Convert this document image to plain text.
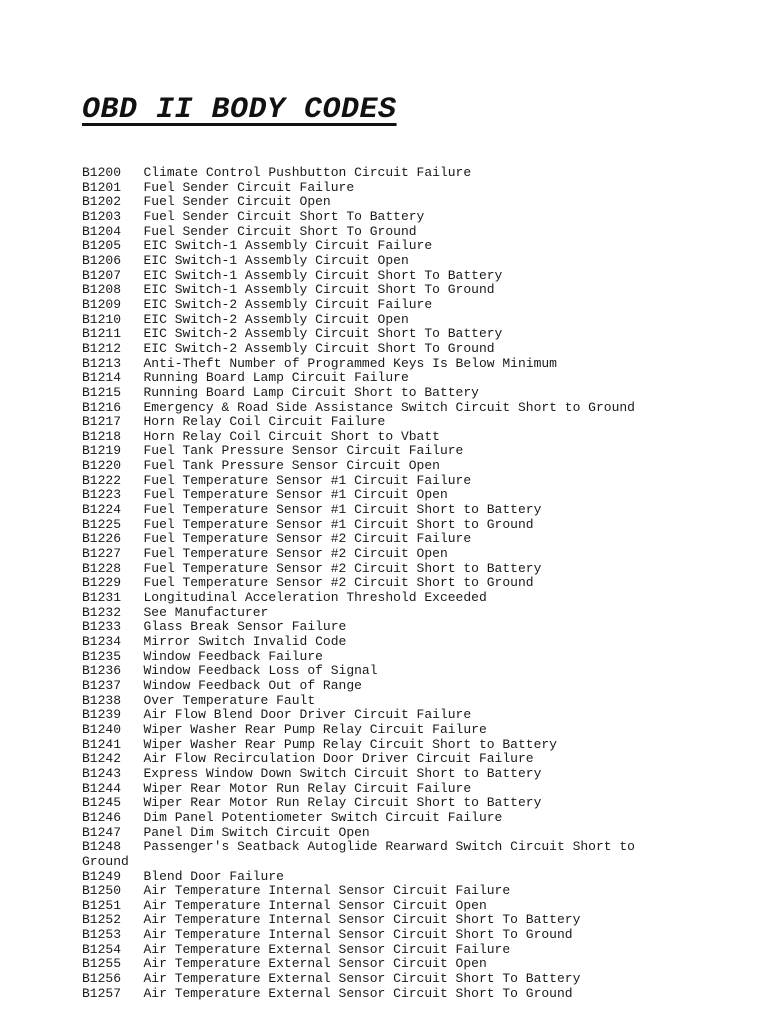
OBD II BODY CODES
B1200 Climate Control Pushbutton Circuit Failure
B1201 Fuel Sender Circuit Failure
B1202 Fuel Sender Circuit Open
B1203 Fuel Sender Circuit Short To Battery
B1204 Fuel Sender Circuit Short To Ground
B1205 EIC Switch-1 Assembly Circuit Failure
B1206 EIC Switch-1 Assembly Circuit Open
B1207 EIC Switch-1 Assembly Circuit Short To Battery
B1208 EIC Switch-1 Assembly Circuit Short To Ground
B1209 EIC Switch-2 Assembly Circuit Failure
B1210 EIC Switch-2 Assembly Circuit Open
B1211 EIC Switch-2 Assembly Circuit Short To Battery
B1212 EIC Switch-2 Assembly Circuit Short To Ground
B1213 Anti-Theft Number of Programmed Keys Is Below Minimum
B1214 Running Board Lamp Circuit Failure
B1215 Running Board Lamp Circuit Short to Battery
B1216 Emergency & Road Side Assistance Switch Circuit Short to Ground
B1217 Horn Relay Coil Circuit Failure
B1218 Horn Relay Coil Circuit Short to Vbatt
B1219 Fuel Tank Pressure Sensor Circuit Failure
B1220 Fuel Tank Pressure Sensor Circuit Open
B1222 Fuel Temperature Sensor #1 Circuit Failure
B1223 Fuel Temperature Sensor #1 Circuit Open
B1224 Fuel Temperature Sensor #1 Circuit Short to Battery
B1225 Fuel Temperature Sensor #1 Circuit Short to Ground
B1226 Fuel Temperature Sensor #2 Circuit Failure
B1227 Fuel Temperature Sensor #2 Circuit Open
B1228 Fuel Temperature Sensor #2 Circuit Short to Battery
B1229 Fuel Temperature Sensor #2 Circuit Short to Ground
B1231 Longitudinal Acceleration Threshold Exceeded
B1232 See Manufacturer
B1233 Glass Break Sensor Failure
B1234 Mirror Switch Invalid Code
B1235 Window Feedback Failure
B1236 Window Feedback Loss of Signal
B1237 Window Feedback Out of Range
B1238 Over Temperature Fault
B1239 Air Flow Blend Door Driver Circuit Failure
B1240 Wiper Washer Rear Pump Relay Circuit Failure
B1241 Wiper Washer Rear Pump Relay Circuit Short to Battery
B1242 Air Flow Recirculation Door Driver Circuit Failure
B1243 Express Window Down Switch Circuit Short to Battery
B1244 Wiper Rear Motor Run Relay Circuit Failure
B1245 Wiper Rear Motor Run Relay Circuit Short to Battery
B1246 Dim Panel Potentiometer Switch Circuit Failure
B1247 Panel Dim Switch Circuit Open
B1248 Passenger's Seatback Autoglide Rearward Switch Circuit Short to Ground
B1249 Blend Door Failure
B1250 Air Temperature Internal Sensor Circuit Failure
B1251 Air Temperature Internal Sensor Circuit Open
B1252 Air Temperature Internal Sensor Circuit Short To Battery
B1253 Air Temperature Internal Sensor Circuit Short To Ground
B1254 Air Temperature External Sensor Circuit Failure
B1255 Air Temperature External Sensor Circuit Open
B1256 Air Temperature External Sensor Circuit Short To Battery
B1257 Air Temperature External Sensor Circuit Short To Ground
